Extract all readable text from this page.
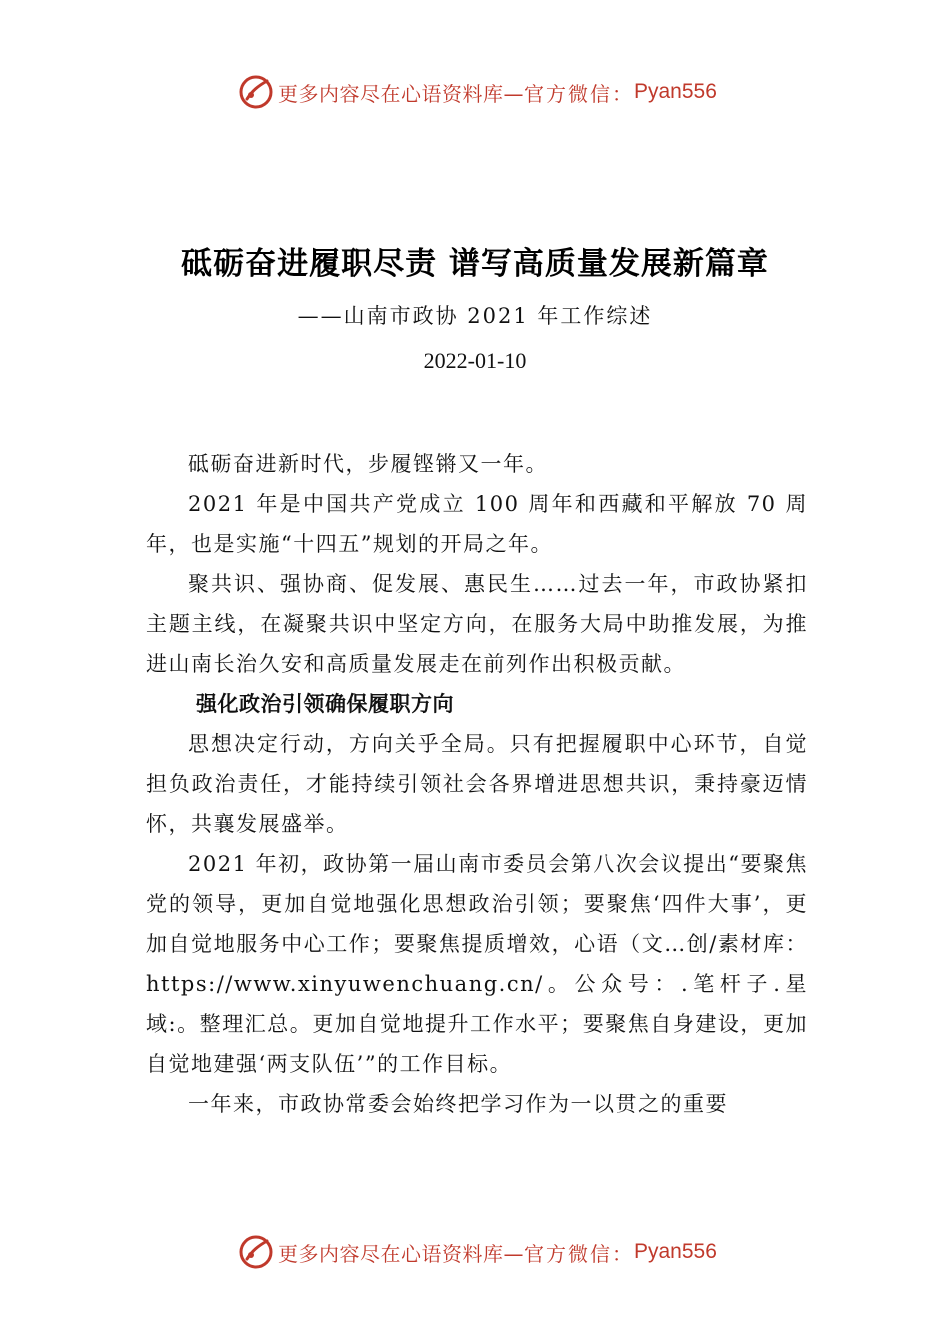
更多内容尽在心语资料库— 官方微信： Pyan556
砥砺奋进履职尽责 谱写高质量发展新篇章
——山南市政协 2021 年工作综述
2022-01-10

砥砺奋进新时代，步履铿锵又一年。

2021 年是中国共产党成立 100 周年和西藏和平解放 70 周年，也是实施“十四五”规划的开局之年。

聚共识、强协商、促发展、惠民生……过去一年，市政协紧扣主题主线，在凝聚共识中坚定方向，在服务大局中助推发展，为推进山南长治久安和高质量发展走在前列作出积极贡献。

强化政治引领确保履职方向

思想决定行动，方向关乎全局。只有把握履职中心环节，自觉担负政治责任，才能持续引领社会各界增进思想共识，秉持豪迈情怀，共襄发展盛举。

2021 年初，政协第一届山南市委员会第八次会议提出“要聚焦党的领导，更加自觉地强化思想政治引领；要聚焦‘四件大事’，更加自觉地服务中心工作；要聚焦提质增效，心语（文…创/素材库：https://www.xinyuwenchuang.cn/。公众号：.笔杆子.星域:。整理汇总。更加自觉地提升工作水平；要聚焦自身建设，更加自觉地建强‘两支队伍’”的工作目标。

一年来，市政协常委会始终把学习作为一以贯之的重要

更多内容尽在心语资料库— 官方微信： Pyan556
